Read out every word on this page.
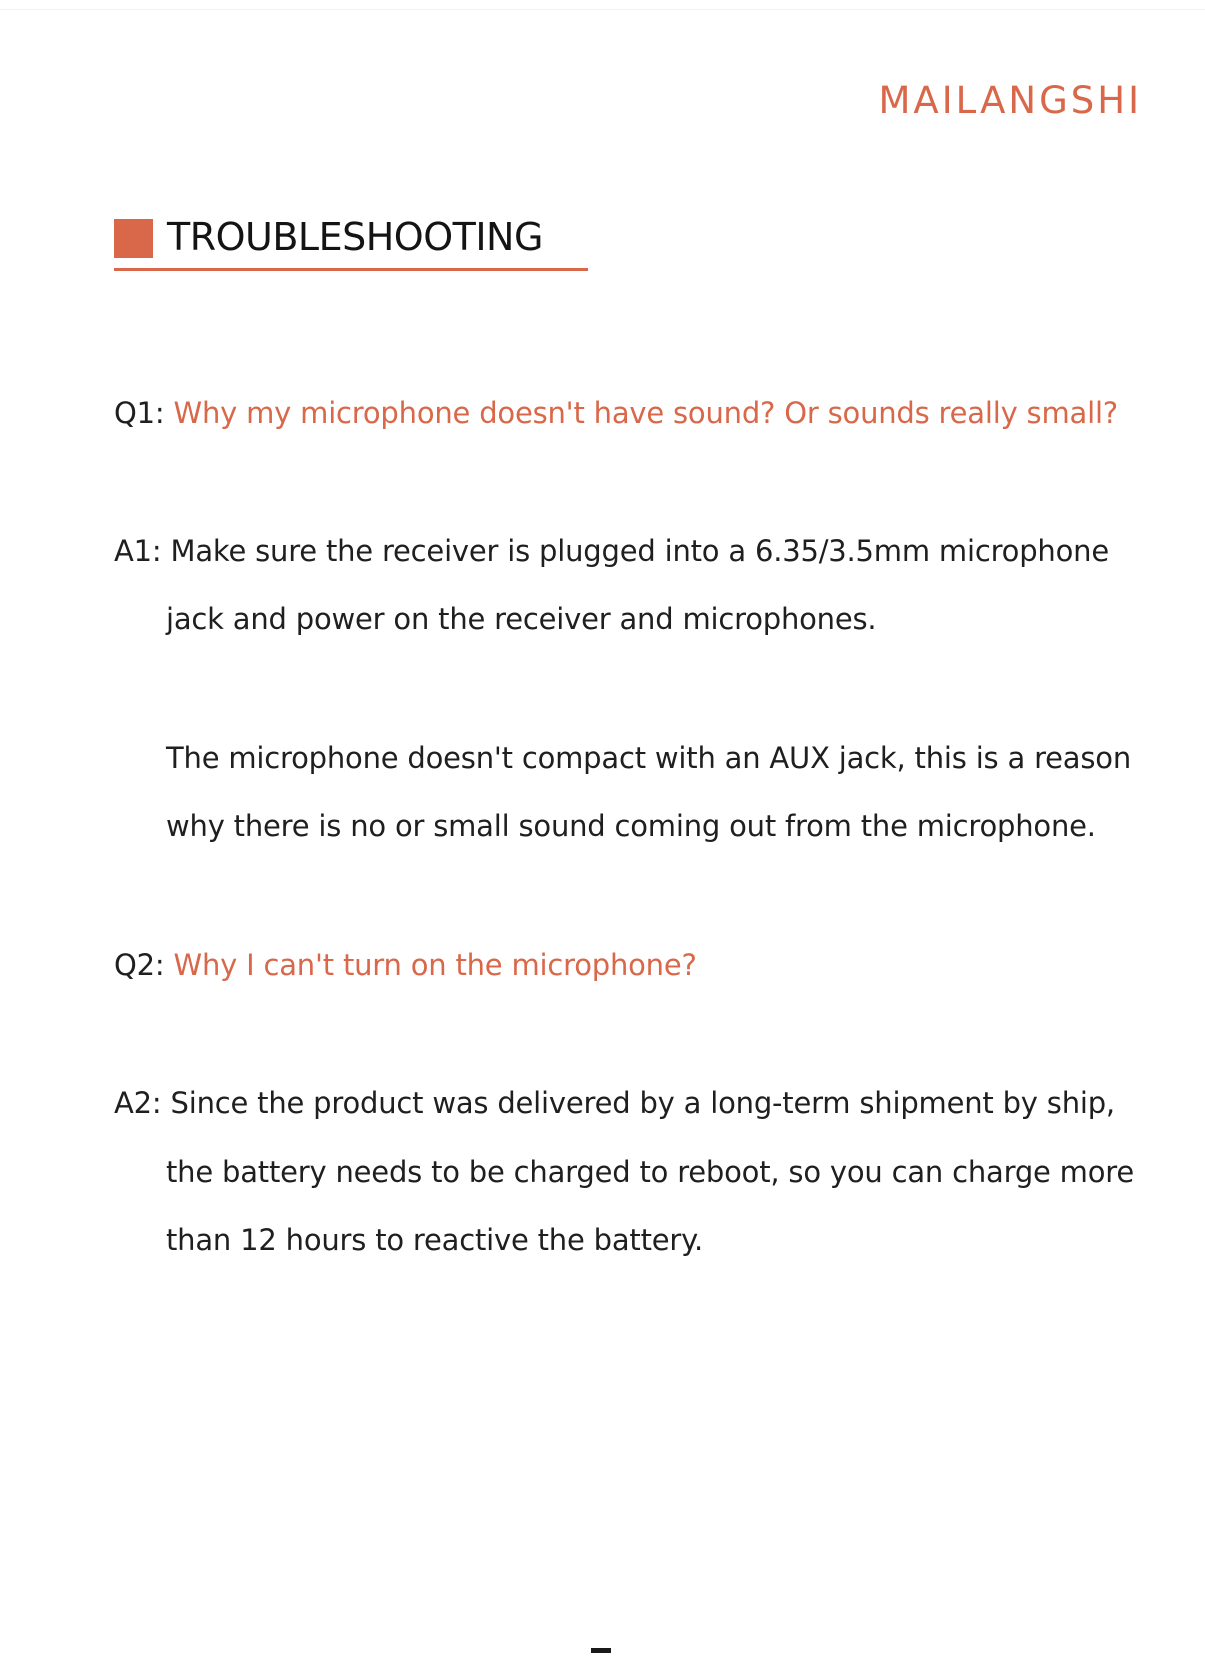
MAILANGSHI
TROUBLESHOOTING
Q1: Why my microphone doesn't have sound? Or sounds really small?
A1: Make sure the receiver is plugged into a 6.35/3.5mm microphone
jack and power on the receiver and microphones.
The microphone doesn't compact with an AUX jack, this is a reason
why there is no or small sound coming out from the microphone.
Q2: Why I can't turn on the microphone?
A2: Since the product was delivered by a long-term shipment by ship,
the battery needs to be charged to reboot, so you can charge more
than 12 hours to reactive the battery.
